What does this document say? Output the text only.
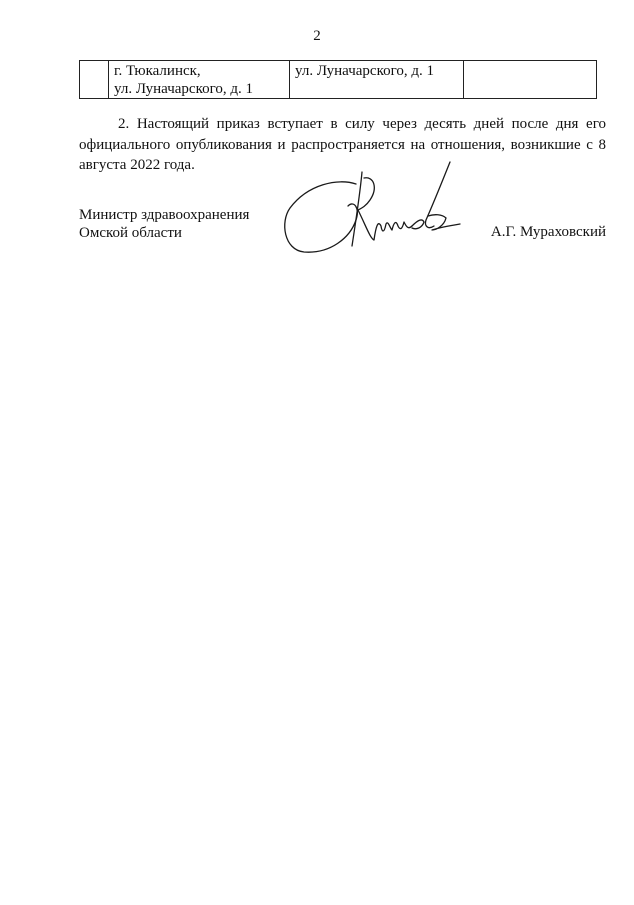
2

г. Тюкалинск,
ул. Луначарского, д. 1
	ул. Луначарского, д. 1	

2. Настоящий приказ вступает в силу через десять дней после дня его официального опубликования и распространяется на отношения, возникшие с 8 августа 2022 года.

Министр здравоохранения
Омской области	А.Г. Мураховский
